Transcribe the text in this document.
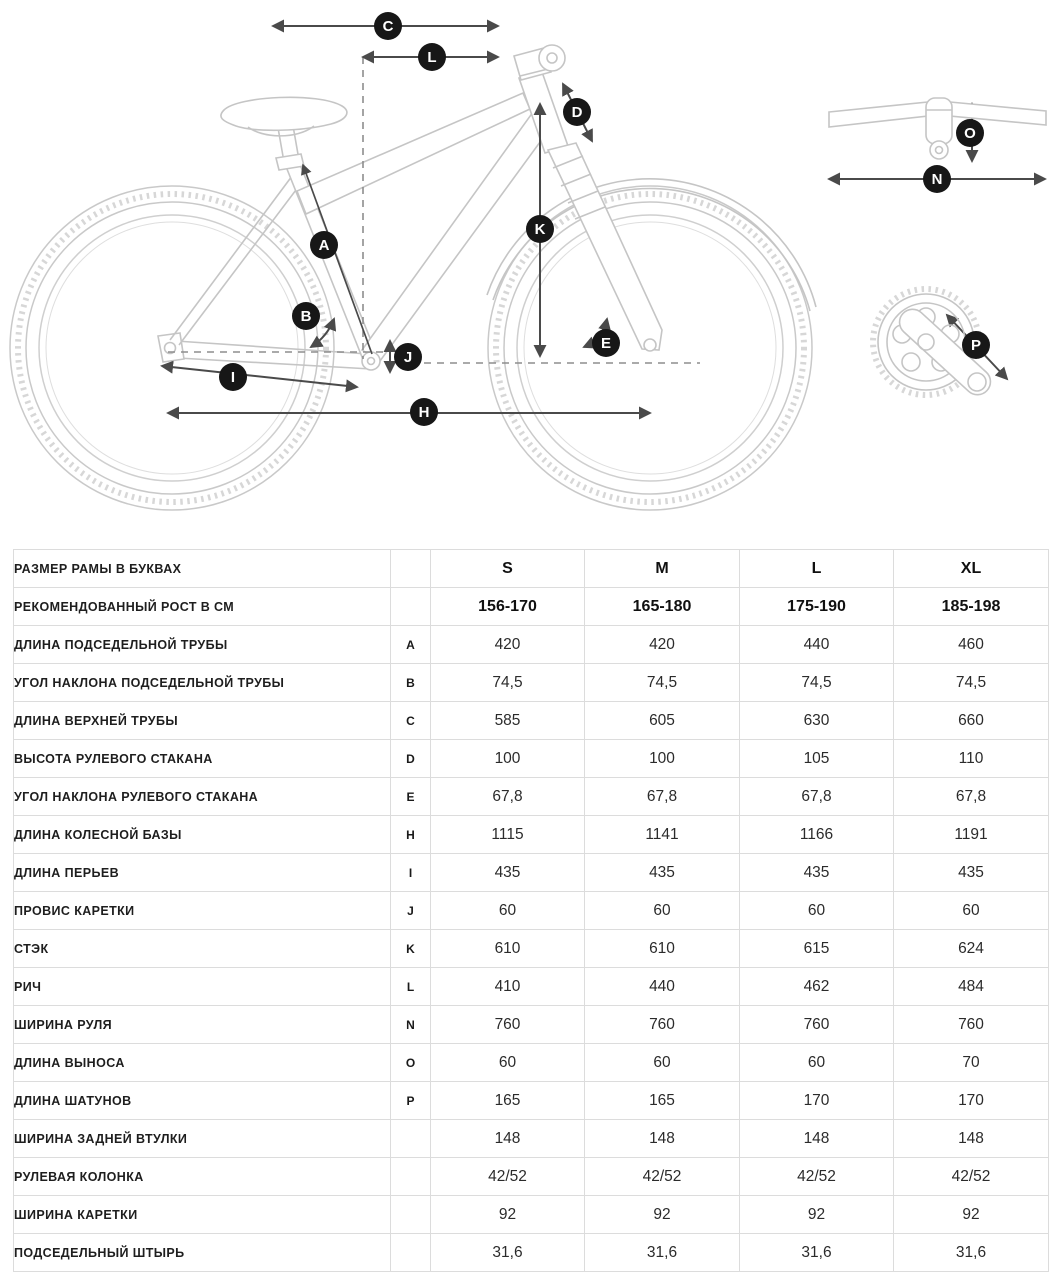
C
L
D
K
A
B
E
J
I
H
N
O
P
РАЗМЕР РАМЫ В БУКВАХ		S	M	L	XL
РЕКОМЕНДОВАННЫЙ РОСТ В СМ		156-170	165-180	175-190	185-198
ДЛИНА ПОДСЕДЕЛЬНОЙ ТРУБЫ	A	420	420	440	460
УГОЛ НАКЛОНА ПОДСЕДЕЛЬНОЙ ТРУБЫ	B	74,5	74,5	74,5	74,5
ДЛИНА ВЕРХНЕЙ ТРУБЫ	C	585	605	630	660
ВЫСОТА РУЛЕВОГО СТАКАНА	D	100	100	105	110
УГОЛ НАКЛОНА РУЛЕВОГО СТАКАНА	E	67,8	67,8	67,8	67,8
ДЛИНА КОЛЕСНОЙ БАЗЫ	H	1115	1141	1166	1191
ДЛИНА ПЕРЬЕВ	I	435	435	435	435
ПРОВИС КАРЕТКИ	J	60	60	60	60
СТЭК	K	610	610	615	624
РИЧ	L	410	440	462	484
ШИРИНА РУЛЯ	N	760	760	760	760
ДЛИНА ВЫНОСА	O	60	60	60	70
ДЛИНА ШАТУНОВ	P	165	165	170	170
ШИРИНА ЗАДНЕЙ ВТУЛКИ		148	148	148	148
РУЛЕВАЯ КОЛОНКА		42/52	42/52	42/52	42/52
ШИРИНА КАРЕТКИ		92	92	92	92
ПОДСЕДЕЛЬНЫЙ ШТЫРЬ		31,6	31,6	31,6	31,6
